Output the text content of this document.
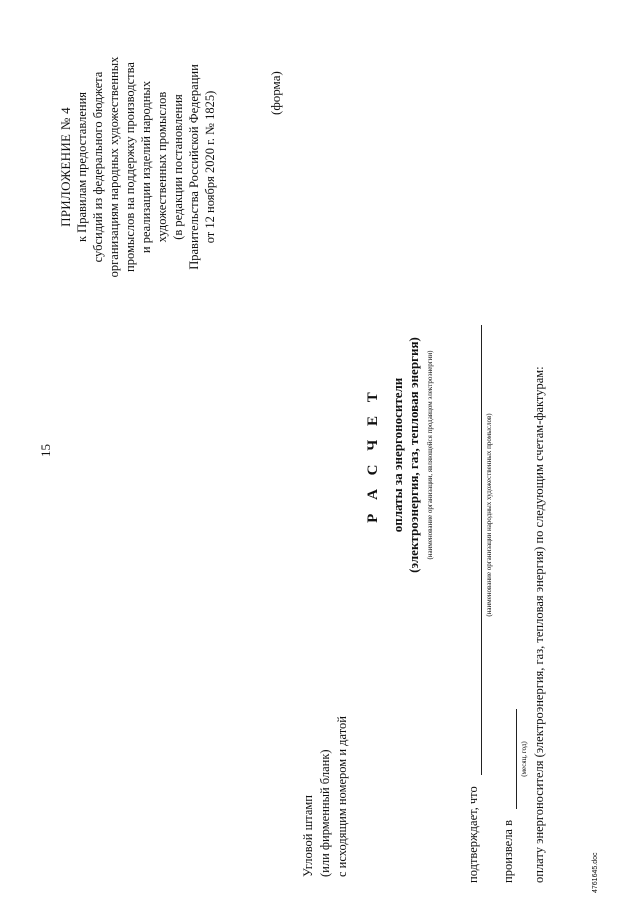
15
ПРИЛОЖЕНИЕ № 4 к Правилам предоставления субсидий из федерального бюджета организациям народных художественных промыслов на поддержку производства и реализации изделий народных художественных промыслов (в редакции постановления Правительства Российской Федерации от 12 ноября 2020 г. № 1825)	(форма)
Р А С Ч Е Т оплаты за энергоносители (электроэнергия, газ, тепловая энергия) (наименование организации, являющейся продавцом электроэнергии)
Угловой штамп (или фирменный бланк) с исходящим номером и датой	подтверждает, что
(наименование организации народных художественных промыслов)
произвела в
(месяц, год) оплату энергоносителя (электроэнергия, газ, тепловая энергия) по следующим счетам-фактурам:	4761645.doc
